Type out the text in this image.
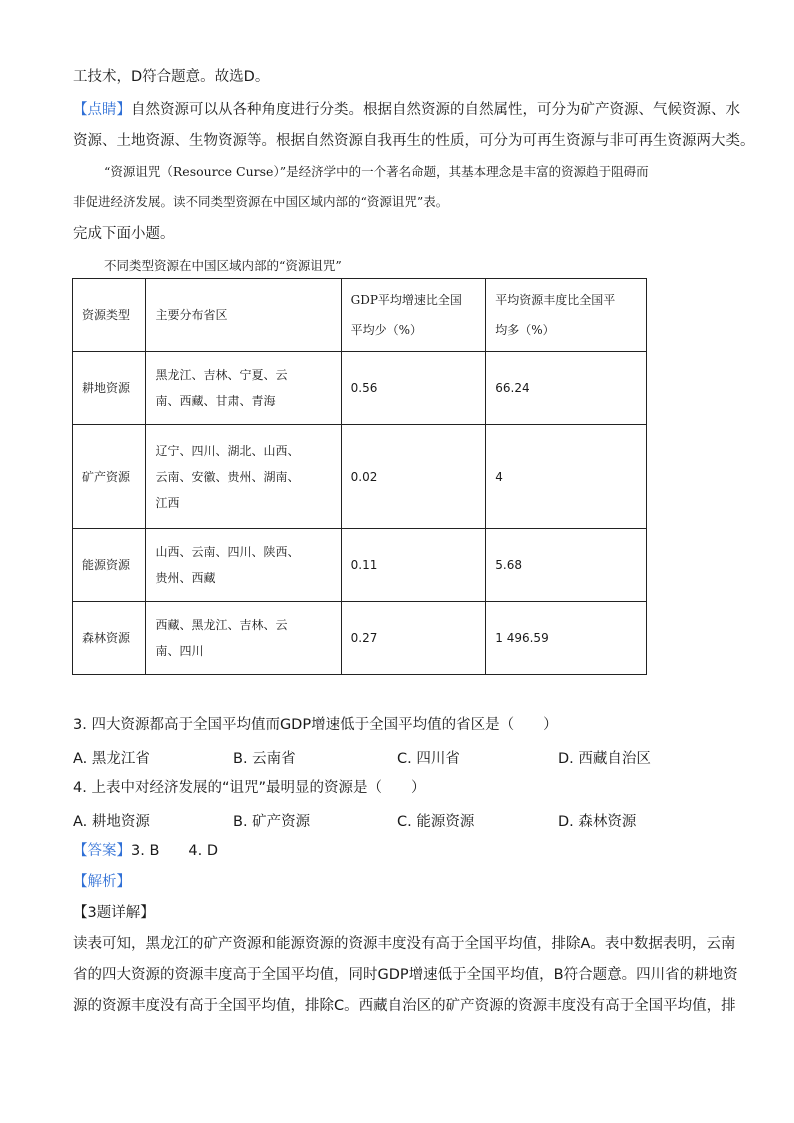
工技术，D符合题意。故选D。
【点睛】自然资源可以从各种角度进行分类。根据自然资源的自然属性，可分为矿产资源、气候资源、水
资源、土地资源、生物资源等。根据自然资源自我再生的性质，可分为可再生资源与非可再生资源两大类。
“资源诅咒（Resource Curse）”是经济学中的一个著名命题，其基本理念是丰富的资源趋于阻碍而
非促进经济发展。读不同类型资源在中国区域内部的“资源诅咒”表。
完成下面小题。
不同类型资源在中国区域内部的“资源诅咒”
资源类型	主要分布省区	GDP平均增速比全国
平均少（%）	平均资源丰度比全国平
均多（%）
耕地资源	黑龙江、吉林、宁夏、云
南、西藏、甘肃、青海	0.56	66.24
矿产资源	辽宁、四川、湖北、山西、
云南、安徽、贵州、湖南、
江西	0.02	4
能源资源	山西、云南、四川、陕西、
贵州、西藏	0.11	5.68
森林资源	西藏、黑龙江、吉林、云
南、四川	0.27	1 496.59
3. 四大资源都高于全国平均值而GDP增速低于全国平均值的省区是（　　）
A. 黑龙江省	B. 云南省	C. 四川省	D. 西藏自治区
4. 上表中对经济发展的“诅咒”最明显的资源是（　　）
A. 耕地资源	B. 矿产资源	C. 能源资源	D. 森林资源
【答案】3. B　　4. D
【解析】
【3题详解】
读表可知，黑龙江的矿产资源和能源资源的资源丰度没有高于全国平均值，排除A。表中数据表明，云南
省的四大资源的资源丰度高于全国平均值，同时GDP增速低于全国平均值，B符合题意。四川省的耕地资
源的资源丰度没有高于全国平均值，排除C。西藏自治区的矿产资源的资源丰度没有高于全国平均值，排
